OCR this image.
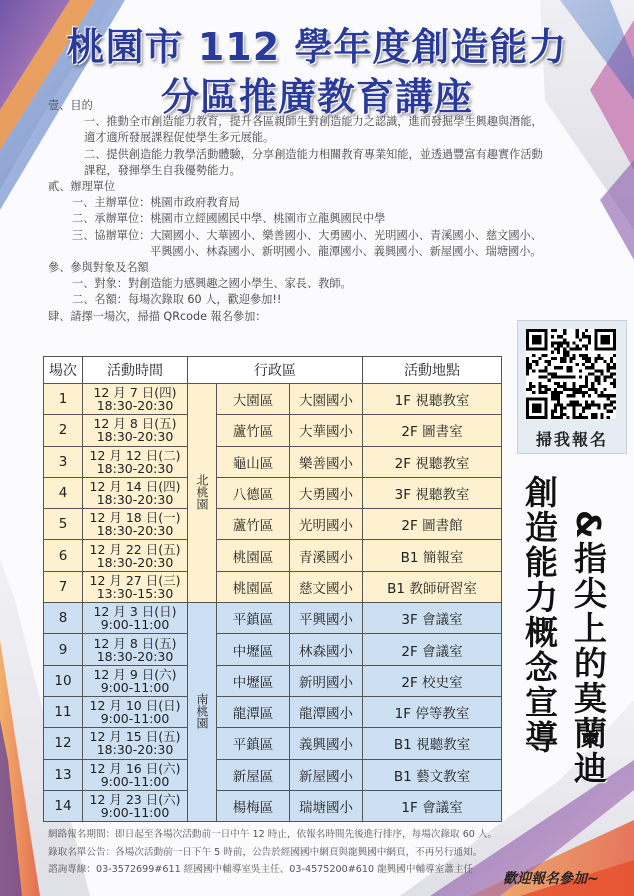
桃園市 112 學年度創造能力
分區推廣教育講座
壹、目的
一、推動全市創造能力教育，提升各區親師生對創造能力之認識，進而發掘學生興趣與潛能，
適才適所發展課程促使學生多元展能。
二、提供創造能力教學活動體驗，分享創造能力相關教育專業知能，並透過豐富有趣實作活動
課程，發揮學生自我優勢能力。
貳、辦理單位
一、主辦單位：桃園市政府教育局
二、承辦單位：桃園市立經國國民中學、桃園市立龍興國民中學
三、協辦單位：大園國小、大華國小、樂善國小、大勇國小、光明國小、青溪國小、慈文國小、
平興國小、林森國小、新明國小、龍潭國小、義興國小、新屋國小、瑞塘國小。
參、參與對象及名額
一、對象：對創造能力感興趣之國小學生、家長、教師。
二、名額：每場次錄取 60 人，歡迎參加!!
肆、請擇一場次，掃描 QRcode 報名參加：
掃我報名
創造能力概念宣導 &指尖上的莫蘭迪
場次	活動時間	行政區			活動地點
1	12 月 7 日(四)
18:30-20:30	北桃園	大園區	大園國小	1F 視聽教室
2	12 月 8 日(五)
18:30-20:30		蘆竹區	大華國小	2F 圖書室
3	12 月 12 日(二)
18:30-20:30		龜山區	樂善國小	2F 視聽教室
4	12 月 14 日(四)
18:30-20:30		八德區	大勇國小	3F 視聽教室
5	12 月 18 日(一)
18:30-20:30		蘆竹區	光明國小	2F 圖書館
6	12 月 22 日(五)
18:30-20:30		桃園區	青溪國小	B1 簡報室
7	12 月 27 日(三)
13:30-15:30		桃園區	慈文國小	B1 教師研習室
8	12 月 3 日(日)
9:00-11:00	南桃園	平鎮區	平興國小	3F 會議室
9	12 月 8 日(五)
18:30-20:30		中壢區	林森國小	2F 會議室
10	12 月 9 日(六)
9:00-11:00		中壢區	新明國小	2F 校史室
11	12 月 10 日(日)
9:00-11:00		龍潭區	龍潭國小	1F 停等教室
12	12 月 15 日(五)
18:30-20:30		平鎮區	義興國小	B1 視聽教室
13	12 月 16 日(六)
9:00-11:00		新屋區	新屋國小	B1 藝文教室
14	12 月 23 日(六)
9:00-11:00		楊梅區	瑞塘國小	1F 會議室
網路報名期間：即日起至各場次活動前一日中午 12 時止，依報名時間先後進行排序，每場次錄取 60 人。
錄取名單公告：各場次活動前一日下午 5 時前，公告於經國國中網頁與龍興國中網頁，不再另行通知。
諮詢專線：03-3572699#611 經國國中輔導室吳主任、03-4575200#610 龍興國中輔導室蕭主任
歡迎報名參加~
